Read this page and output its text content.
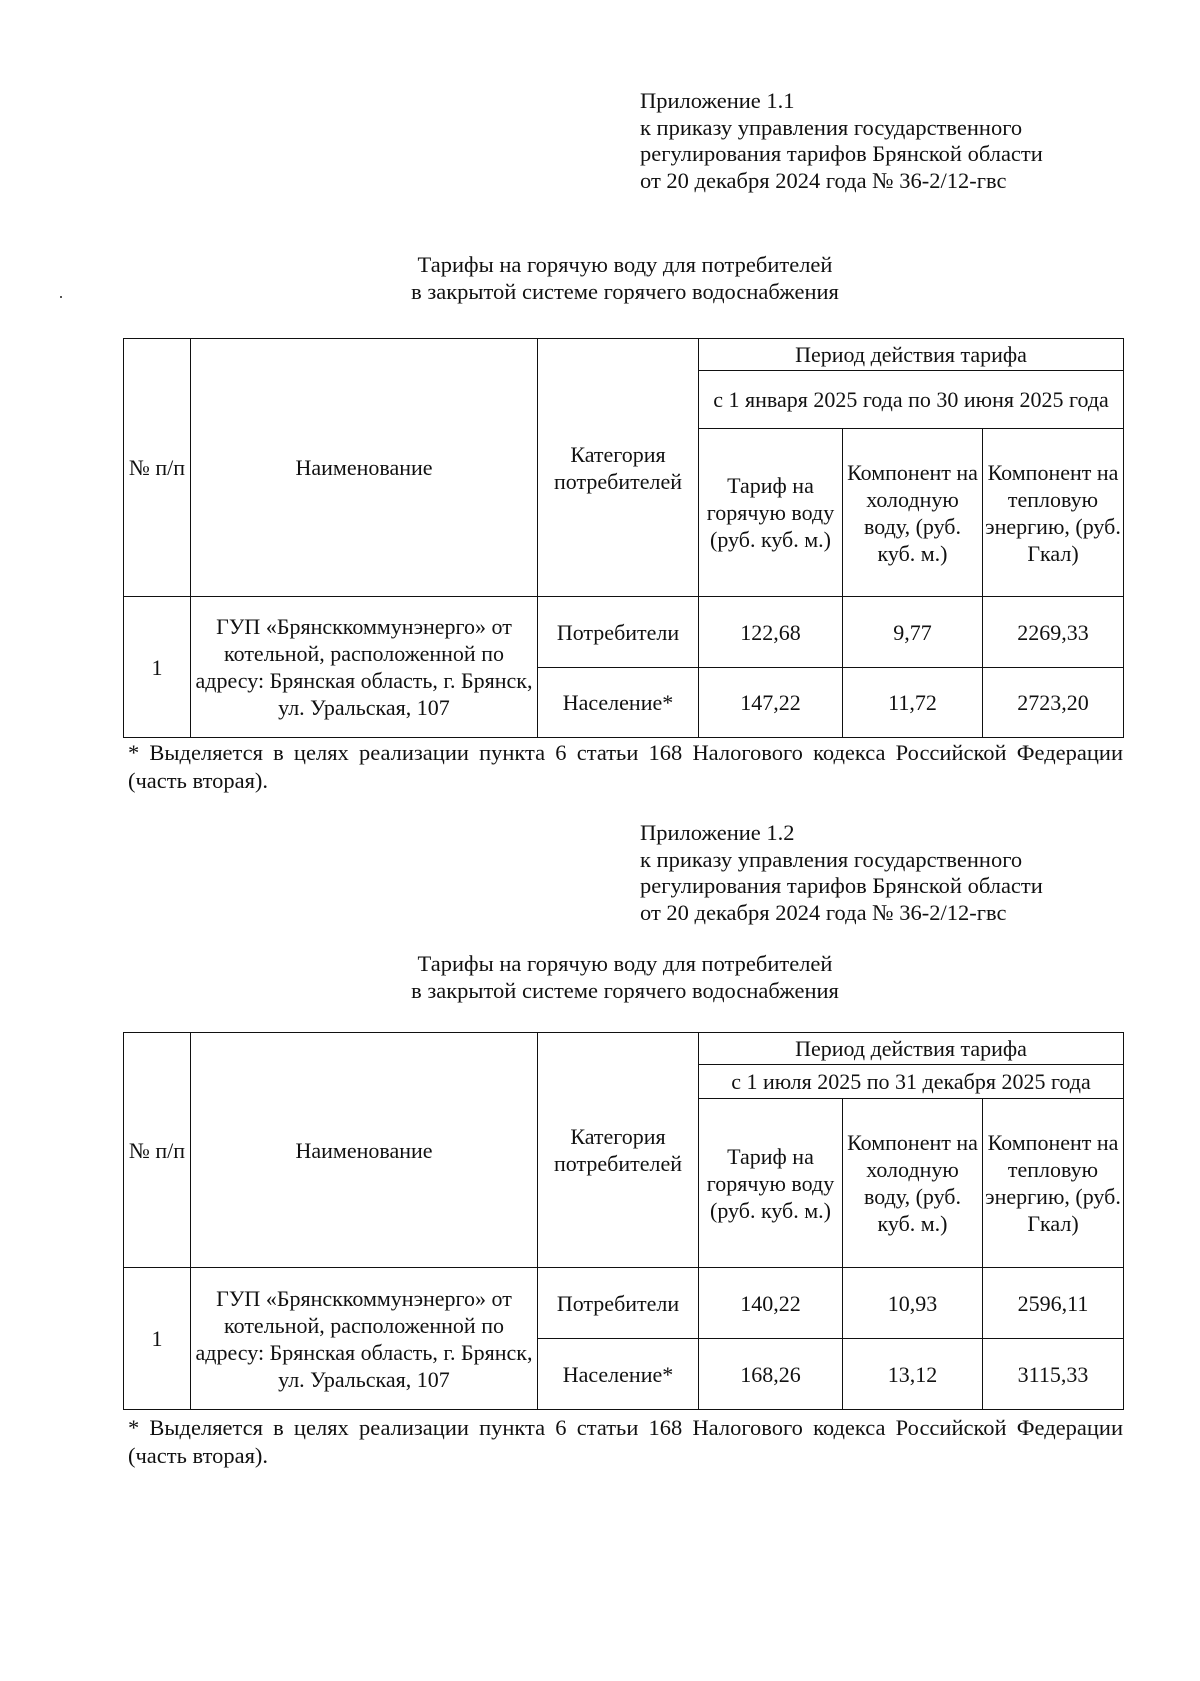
Приложение 1.1
к приказу управления государственного
регулирования тарифов Брянской области
от 20 декабря 2024 года № 36-2/12-гвс
Тарифы на горячую воду для потребителей
в закрытой системе горячего водоснабжения
№ п/п	Наименование	Категория потребителей	Период действия тарифа		
			с 1 января 2025 года по 30 июня 2025 года		
			Тариф на горячую воду (руб. куб. м.)	Компонент на холодную воду, (руб. куб. м.)	Компонент на тепловую энергию, (руб. Гкал)
1	ГУП «Брянсккоммунэнерго» от котельной, расположенной по адресу: Брянская область, г. Брянск, ул. Уральская, 107	Потребители	122,68	9,77	2269,33
		Население*	147,22	11,72	2723,20
* Выделяется в целях реализации пункта 6 статьи 168 Налогового кодекса Российской Федерации (часть вторая).
Приложение 1.2
к приказу управления государственного
регулирования тарифов Брянской области
от 20 декабря 2024 года № 36-2/12-гвс
Тарифы на горячую воду для потребителей
в закрытой системе горячего водоснабжения
№ п/п	Наименование	Категория потребителей	Период действия тарифа		
			с 1 июля 2025 по 31 декабря 2025 года		
			Тариф на горячую воду (руб. куб. м.)	Компонент на холодную воду, (руб. куб. м.)	Компонент на тепловую энергию, (руб. Гкал)
1	ГУП «Брянсккоммунэнерго» от котельной, расположенной по адресу: Брянская область, г. Брянск, ул. Уральская, 107	Потребители	140,22	10,93	2596,11
		Население*	168,26	13,12	3115,33
* Выделяется в целях реализации пункта 6 статьи 168 Налогового кодекса Российской Федерации (часть вторая).
